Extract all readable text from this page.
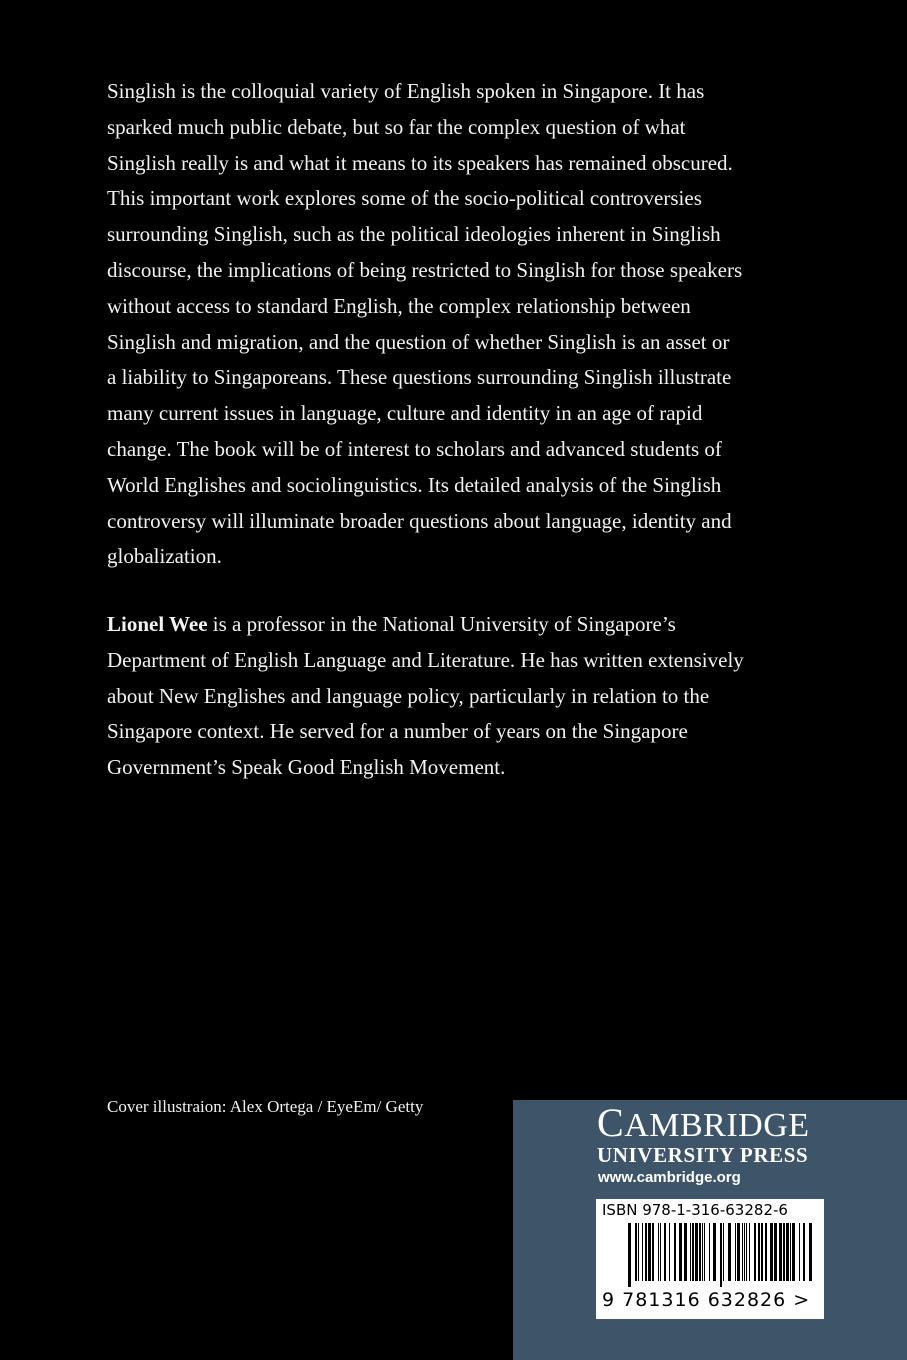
Singlish is the colloquial variety of English spoken in Singapore. It has
sparked much public debate, but so far the complex question of what
Singlish really is and what it means to its speakers has remained obscured.
This important work explores some of the socio-political controversies
surrounding Singlish, such as the political ideologies inherent in Singlish
discourse, the implications of being restricted to Singlish for those speakers
without access to standard English, the complex relationship between
Singlish and migration, and the question of whether Singlish is an asset or
a liability to Singaporeans. These questions surrounding Singlish illustrate
many current issues in language, culture and identity in an age of rapid
change. The book will be of interest to scholars and advanced students of
World Englishes and sociolinguistics. Its detailed analysis of the Singlish
controversy will illuminate broader questions about language, identity and
globalization.
Lionel Wee is a professor in the National University of Singapore’s
Department of English Language and Literature. He has written extensively
about New Englishes and language policy, particularly in relation to the
Singapore context. He served for a number of years on the Singapore
Government’s Speak Good English Movement.
Cover illustraion: Alex Ortega / EyeEm/ Getty	CAMBRIDGE
UNIVERSITY PRESS
www.cambridge.org
ISBN 978-1-316-63282-6
9 781316 632826 >
